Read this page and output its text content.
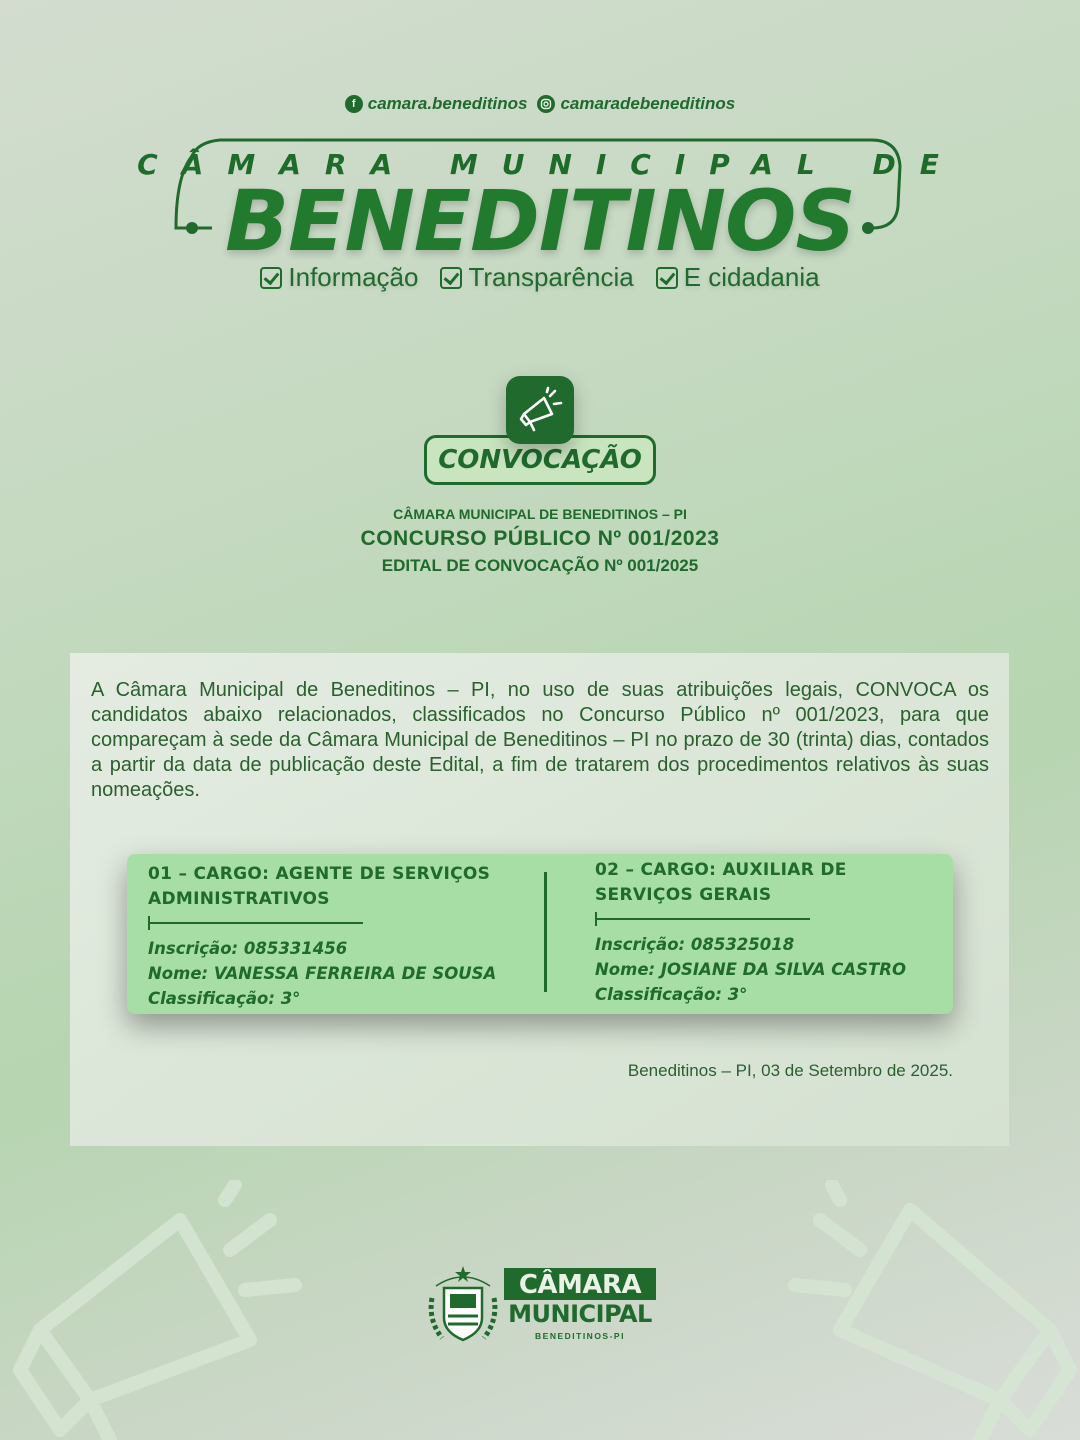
f camara.beneditinos camaradebeneditinos
CÂMARA MUNICIPAL DE
BENEDITINOS
Informação Transparência E cidadania
CONVOCAÇÃO
CÂMARA MUNICIPAL DE BENEDITINOS – PI
CONCURSO PÚBLICO Nº 001/2023
EDITAL DE CONVOCAÇÃO Nº 001/2025
A Câmara Municipal de Beneditinos – PI, no uso de suas atribuições legais, CONVOCA os candidatos abaixo relacionados, classificados no Concurso Público nº 001/2023, para que compareçam à sede da Câmara Municipal de Beneditinos – PI no prazo de 30 (trinta) dias, contados a partir da data de publicação deste Edital, a fim de tratarem dos procedimentos relativos às suas nomeações.
01 – CARGO: AGENTE DE SERVIÇOS ADMINISTRATIVOS
Inscrição: 085331456
Nome: VANESSA FERREIRA DE SOUSA
Classificação: 3°
02 – CARGO: AUXILIAR DE SERVIÇOS GERAIS
Inscrição: 085325018
Nome: JOSIANE DA SILVA CASTRO
Classificação: 3°
Beneditinos – PI, 03 de Setembro de 2025.
CÂMARA
MUNICIPAL
BENEDITINOS-PI
